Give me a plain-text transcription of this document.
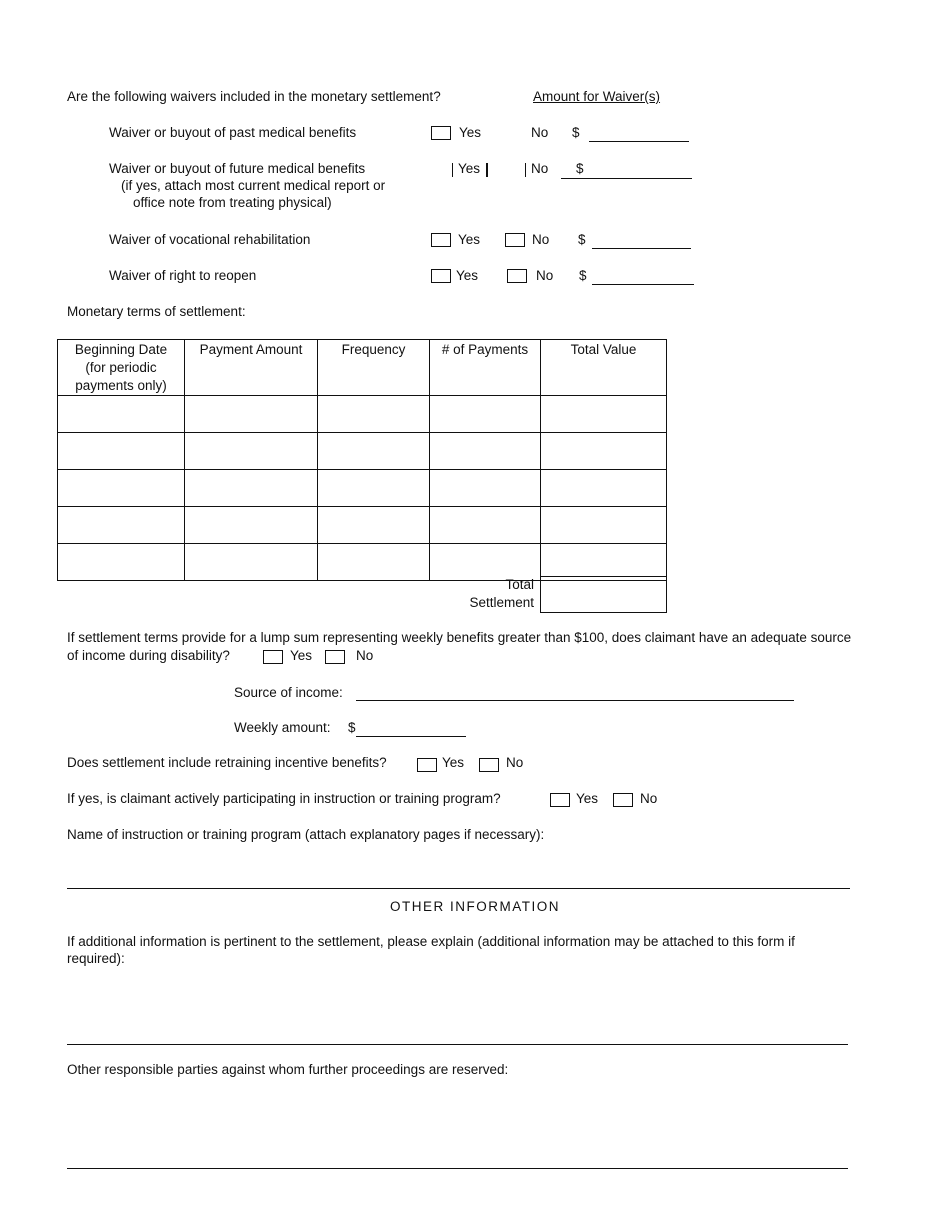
Are the following waivers included in the monetary settlement?	Amount for Waiver(s)
Waiver or buyout of past medical benefits	Yes	No $
Waiver or buyout of future medical benefits	Yes	No $
(if yes, attach most current medical report or
office note from treating physical)
Waiver of vocational rehabilitation	Yes	No $
Waiver of right to reopen	Yes	No $
Monetary terms of settlement:
Beginning Date
(for periodic
payments only)	Payment Amount	Frequency	# of Payments	Total Value

Total
Settlement
If settlement terms provide for a lump sum representing weekly benefits greater than $100, does claimant have an adequate source
of income during disability?	Yes	No
Source of income:
Weekly amount: $
Does settlement include retraining incentive benefits?	Yes	No
If yes, is claimant actively participating in instruction or training program?	Yes	No
Name of instruction or training program (attach explanatory pages if necessary):
OTHER INFORMATION
If additional information is pertinent to the settlement, please explain (additional information may be attached to this form if
required):
Other responsible parties against whom further proceedings are reserved:
